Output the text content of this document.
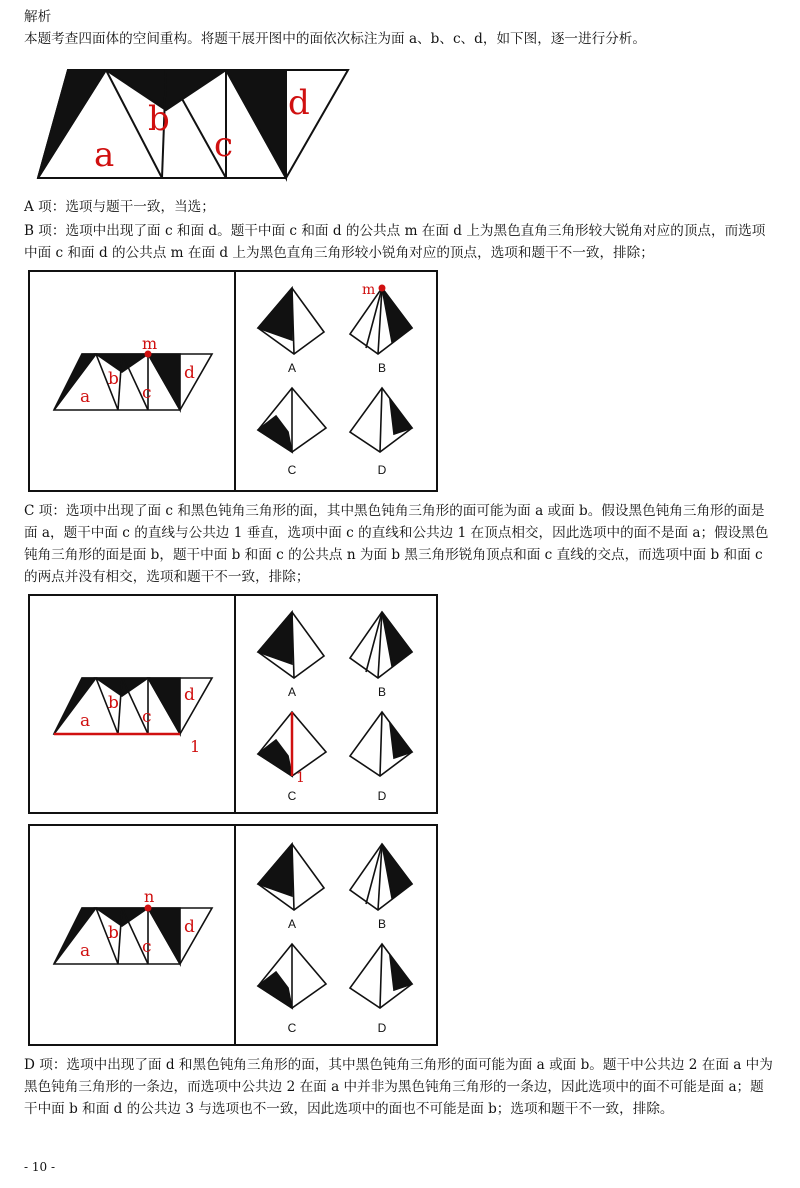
解析

本题考查四面体的空间重构。将题干展开图中的面依次标注为面 a、b、c、d，如下图，逐一进行分析。

a
b
c
d

A 项：选项与题干一致，当选；

B 项：选项中出现了面 c 和面 d。题干中面 c 和面 d 的公共点 m 在面 d 上为黑色直角三角形较大锐角对应的顶点，而选项中面 c 和面 d 的公共点 m 在面 d 上为黑色直角三角形较小锐角对应的顶点，选项和题干不一致，排除；

m
a
b
c
d
m
A	B
C	D

C 项：选项中出现了面 c 和黑色钝角三角形的面，其中黑色钝角三角形的面可能为面 a 或面 b。假设黑色钝角三角形的面是面 a，题干中面 c 的直线与公共边 1 垂直，选项中面 c 的直线和公共边 1 在顶点相交，因此选项中的面不是面 a；假设黑色钝角三角形的面是面 b，题干中面 b 和面 c 的公共点 n 为面 b 黑三角形锐角顶点和面 c 直线的交点，而选项中面 b 和面 c 的两点并没有相交，选项和题干不一致，排除；

1
a
b
c
d
1
A	B
C	D
n
a
b
c
d	A	B
C	D

D 项：选项中出现了面 d 和黑色钝角三角形的面，其中黑色钝角三角形的面可能为面 a 或面 b。题干中公共边 2 在面 a 中为黑色钝角三角形的一条边，而选项中公共边 2 在面 a 中并非为黑色钝角三角形的一条边，因此选项中的面不可能是面 a；题干中面 b 和面 d 的公共边 3 与选项也不一致，因此选项中的面也不可能是面 b；选项和题干不一致，排除。

- 10 -
